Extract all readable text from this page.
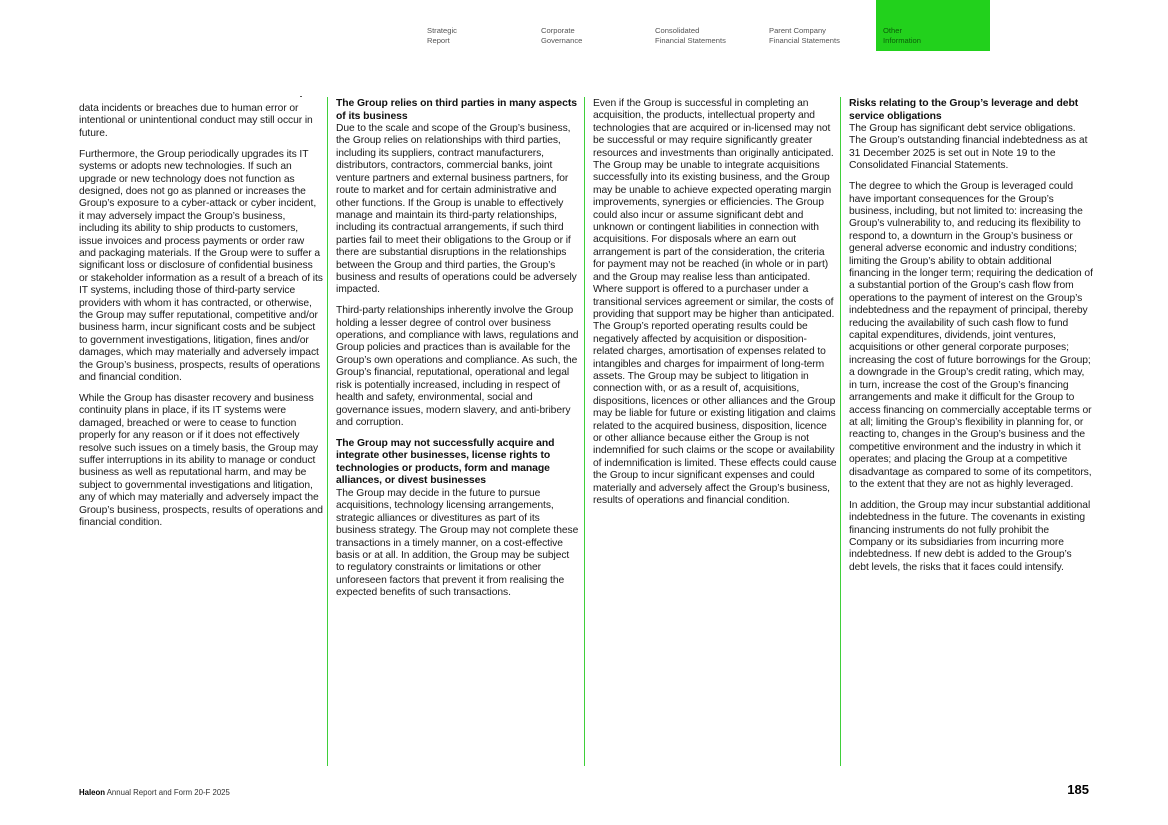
Strategic
Report
Corporate
Governance
Consolidated
Financial Statements
Parent Company
Financial Statements
Other
Information

data incidents or breaches due to human error or intentional or unintentional conduct may still occur in future.

Furthermore, the Group periodically upgrades its IT systems or adopts new technologies. If such an upgrade or new technology does not function as designed, does not go as planned or increases the Group’s exposure to a cyber-attack or cyber incident, it may adversely impact the Group’s business, including its ability to ship products to customers, issue invoices and process payments or order raw and packaging materials. If the Group were to suffer a significant loss or disclosure of confidential business or stakeholder information as a result of a breach of its IT systems, including those of third-party service providers with whom it has contracted, or otherwise, the Group may suffer reputational, competitive and/or business harm, incur significant costs and be subject to government investigations, litigation, fines and/or damages, which may materially and adversely impact the Group’s business, prospects, results of operations and financial condition.

While the Group has disaster recovery and business continuity plans in place, if its IT systems were damaged, breached or were to cease to function properly for any reason or if it does not effectively resolve such issues on a timely basis, the Group may suffer interruptions in its ability to manage or conduct business as well as reputational harm, and may be subject to governmental investigations and litigation, any of which may materially and adversely impact the Group’s business, prospects, results of operations and financial condition.

The Group relies on third parties in many aspects of its business

Due to the scale and scope of the Group’s business, the Group relies on relationships with third parties, including its suppliers, contract manufacturers, distributors, contractors, commercial banks, joint venture partners and external business partners, for route to market and for certain administrative and other functions. If the Group is unable to effectively manage and maintain its third-party relationships, including its contractual arrangements, if such third parties fail to meet their obligations to the Group or if there are substantial disruptions in the relationships between the Group and third parties, the Group’s business and results of operations could be adversely impacted.

Third-party relationships inherently involve the Group holding a lesser degree of control over business operations, and compliance with laws, regulations and Group policies and practices than is available for the Group’s own operations and compliance. As such, the Group’s financial, reputational, operational and legal risk is potentially increased, including in respect of health and safety, environmental, social and governance issues, modern slavery, and anti-bribery and corruption.

The Group may not successfully acquire and integrate other businesses, license rights to technologies or products, form and manage alliances, or divest businesses

The Group may decide in the future to pursue acquisitions, technology licensing arrangements, strategic alliances or divestitures as part of its business strategy. The Group may not complete these transactions in a timely manner, on a cost-effective basis or at all. In addition, the Group may be subject to regulatory constraints or limitations or other unforeseen factors that prevent it from realising the expected benefits of such transactions.

Even if the Group is successful in completing an acquisition, the products, intellectual property and technologies that are acquired or in-licensed may not be successful or may require significantly greater resources and investments than originally anticipated. The Group may be unable to integrate acquisitions successfully into its existing business, and the Group may be unable to achieve expected operating margin improvements, synergies or efficiencies. The Group could also incur or assume significant debt and unknown or contingent liabilities in connection with acquisitions. For disposals where an earn out arrangement is part of the consideration, the criteria for payment may not be reached (in whole or in part) and the Group may realise less than anticipated. Where support is offered to a purchaser under a transitional services agreement or similar, the costs of providing that support may be higher than anticipated. The Group’s reported operating results could be negatively affected by acquisition or disposition-related charges, amortisation of expenses related to intangibles and charges for impairment of long-term assets. The Group may be subject to litigation in connection with, or as a result of, acquisitions, dispositions, licences or other alliances and the Group may be liable for future or existing litigation and claims related to the acquired business, disposition, licence or other alliance because either the Group is not indemnified for such claims or the scope or availability of indemnification is limited. These effects could cause the Group to incur significant expenses and could materially and adversely affect the Group’s business, results of operations and financial condition.

Risks relating to the Group’s leverage and debt service obligations

The Group has significant debt service obligations. The Group’s outstanding financial indebtedness as at 31 December 2025 is set out in Note 19 to the Consolidated Financial Statements.

The degree to which the Group is leveraged could have important consequences for the Group’s business, including, but not limited to: increasing the Group’s vulnerability to, and reducing its flexibility to respond to, a downturn in the Group’s business or general adverse economic and industry conditions; limiting the Group’s ability to obtain additional financing in the longer term; requiring the dedication of a substantial portion of the Group’s cash flow from operations to the payment of interest on the Group’s indebtedness and the repayment of principal, thereby reducing the availability of such cash flow to fund capital expenditures, dividends, joint ventures, acquisitions or other general corporate purposes; increasing the cost of future borrowings for the Group; a downgrade in the Group’s credit rating, which may, in turn, increase the cost of the Group’s financing arrangements and make it difficult for the Group to access financing on commercially acceptable terms or at all; limiting the Group’s flexibility in planning for, or reacting to, changes in the Group’s business and the competitive environment and the industry in which it operates; and placing the Group at a competitive disadvantage as compared to some of its competitors, to the extent that they are not as highly leveraged.

In addition, the Group may incur substantial additional indebtedness in the future. The covenants in existing financing instruments do not fully prohibit the Company or its subsidiaries from incurring more indebtedness. If new debt is added to the Group’s debt levels, the risks that it faces could intensify.

Haleon Annual Report and Form 20-F 2025	185
